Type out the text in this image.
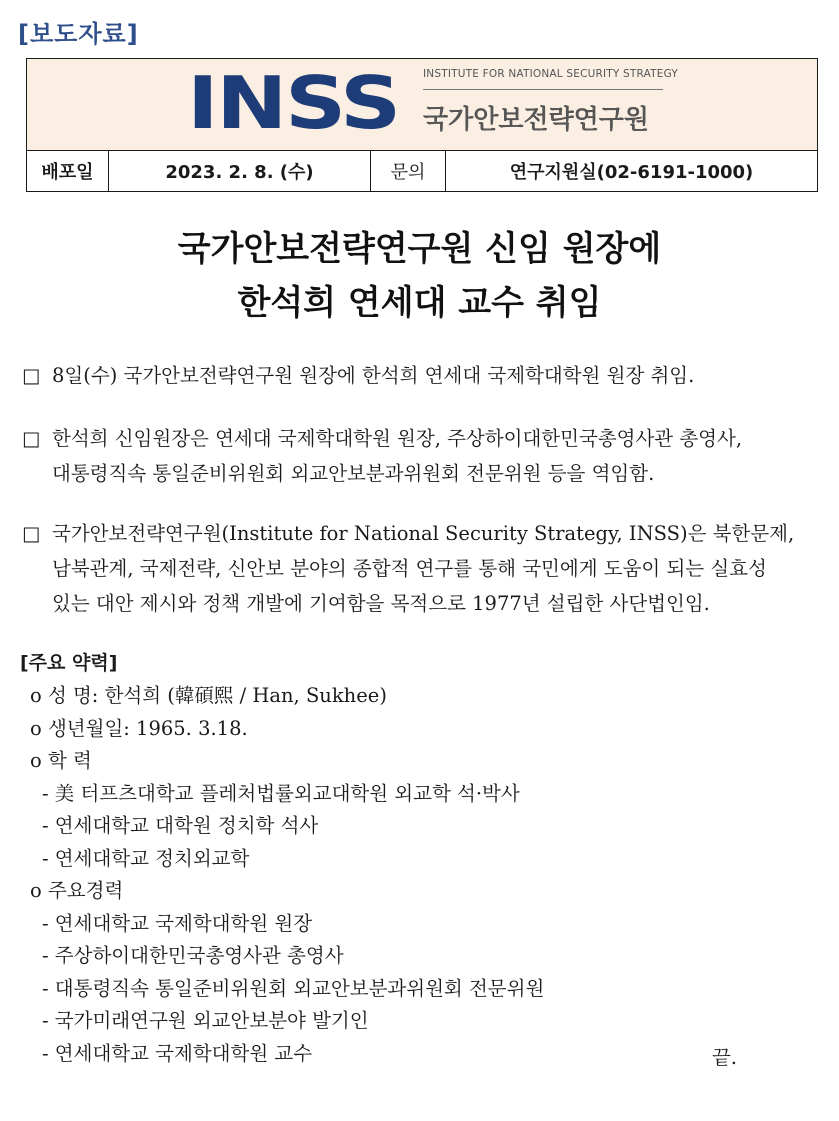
[보도자료]
INSS INSTITUTE FOR NATIONAL SECURITY STRATEGY
국가안보전략연구원
배포일	2023. 2. 8. (수)	문의	연구지원실(02-6191-1000)
국가안보전략연구원 신임 원장에
한석희 연세대 교수 취임
□ 8일(수) 국가안보전략연구원 원장에 한석희 연세대 국제학대학원 원장 취임.
□ 한석희 신임원장은 연세대 국제학대학원 원장, 주상하이대한민국총영사관 총영사,
대통령직속 통일준비위원회 외교안보분과위원회 전문위원 등을 역임함.
□ 국가안보전략연구원(Institute for National Security Strategy, INSS)은 북한문제,
남북관계, 국제전략, 신안보 분야의 종합적 연구를 통해 국민에게 도움이 되는 실효성
있는 대안 제시와 정책 개발에 기여함을 목적으로 1977년 설립한 사단법인임.
[주요 약력]
o 성 명: 한석희 (韓碩熙 / Han, Sukhee)
o 생년월일: 1965. 3.18.
o 학 력
- 美 터프츠대학교 플레처법률외교대학원 외교학 석·박사
- 연세대학교 대학원 정치학 석사
- 연세대학교 정치외교학
o 주요경력
- 연세대학교 국제학대학원 원장
- 주상하이대한민국총영사관 총영사
- 대통령직속 통일준비위원회 외교안보분과위원회 전문위원
- 국가미래연구원 외교안보분야 발기인
- 연세대학교 국제학대학원 교수	끝.
